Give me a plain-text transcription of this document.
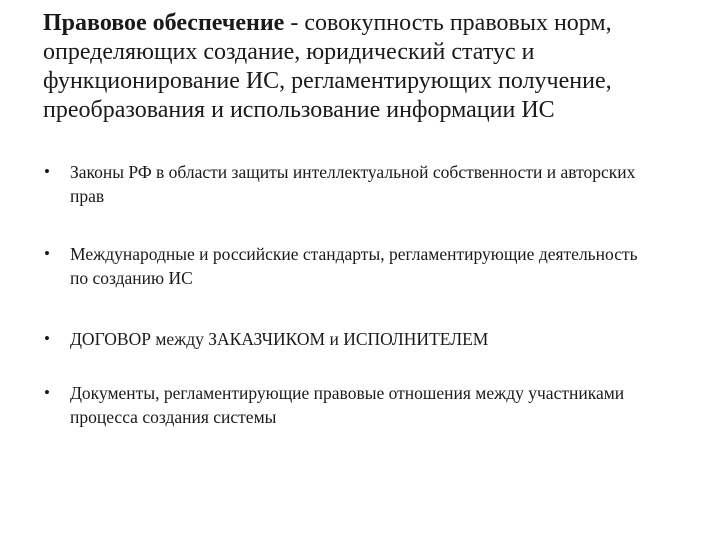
Правовое обеспечение - совокупность правовых норм, определяющих создание, юридический статус и функционирование ИС, регламентирующих получение, преобразования и использование информации ИС

• Законы РФ в области защиты интеллектуальной собственности и авторских прав
• Международные и российские стандарты, регламентирующие деятельность по созданию ИС
• ДОГОВОР между ЗАКАЗЧИКОМ и ИСПОЛНИТЕЛЕМ
• Документы, регламентирующие правовые отношения между участниками процесса создания системы
